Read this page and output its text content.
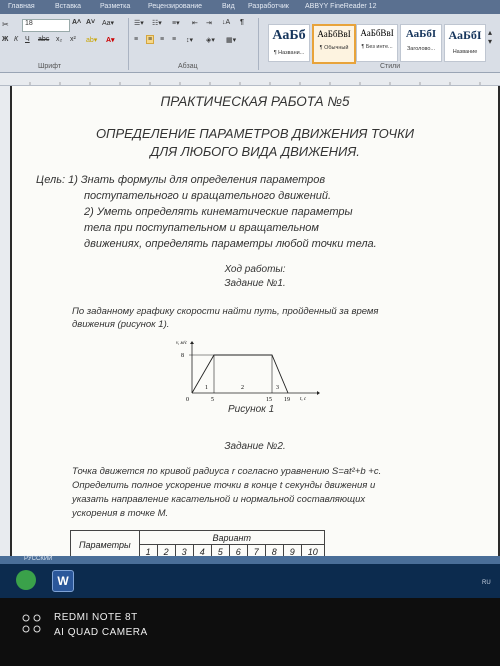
Главная	Вставка	Разметка	Рецензирование	Вид Разработчик ABBYY FineReader 12
✂	18	A˄ A˅ Aa▾
Ж К Ч abc x₂ x² ab▾ A▾
Шрифт
☰▾ ☷▾ ≡▾ ⇤ ⇥ ↓A ¶
≡ ≡ ≡ ≡ ↕▾ ◈▾ ▦▾
Абзац
АаБб
¶ Названи...
АаБбВвІ
¶ Обычный
АаБбВвІ
¶ Без инте...
АаБбІ
Заголово...
АаБбІ
Название
▴
▾
Стили
ПРАКТИЧЕСКАЯ РАБОТА №5
ОПРЕДЕЛЕНИЕ ПАРАМЕТРОВ ДВИЖЕНИЯ ТОЧКИ
ДЛЯ ЛЮБОГО ВИДА ДВИЖЕНИЯ.
Цель: 1) Знать формулы для определения параметров
поступательного и вращательного движений.
2) Уметь определять кинематические параметры
тела при поступательном и вращательном
движениях, определять параметры любой точки тела.
Ход работы:
Задание №1.
По заданному графику скорости найти путь, пройденный за время
движения (рисунок 1).
v, м/с
t, c
8
0	5	15 19
1	2	3
Рисунок 1
Задание №2.
Точка движется по кривой радиуса r согласно уравнению S=at²+b +c.
Определить полное ускорение точки в конце t секунды движения и
указать направление касательной и нормальной составляющих
ускорения в точке M.
Параметры	Вариант									
	1	2	3	4	5	6	7	8	9	10
РУССКИЙ
W	RU
REDMI NOTE 8T
AI QUAD CAMERA
